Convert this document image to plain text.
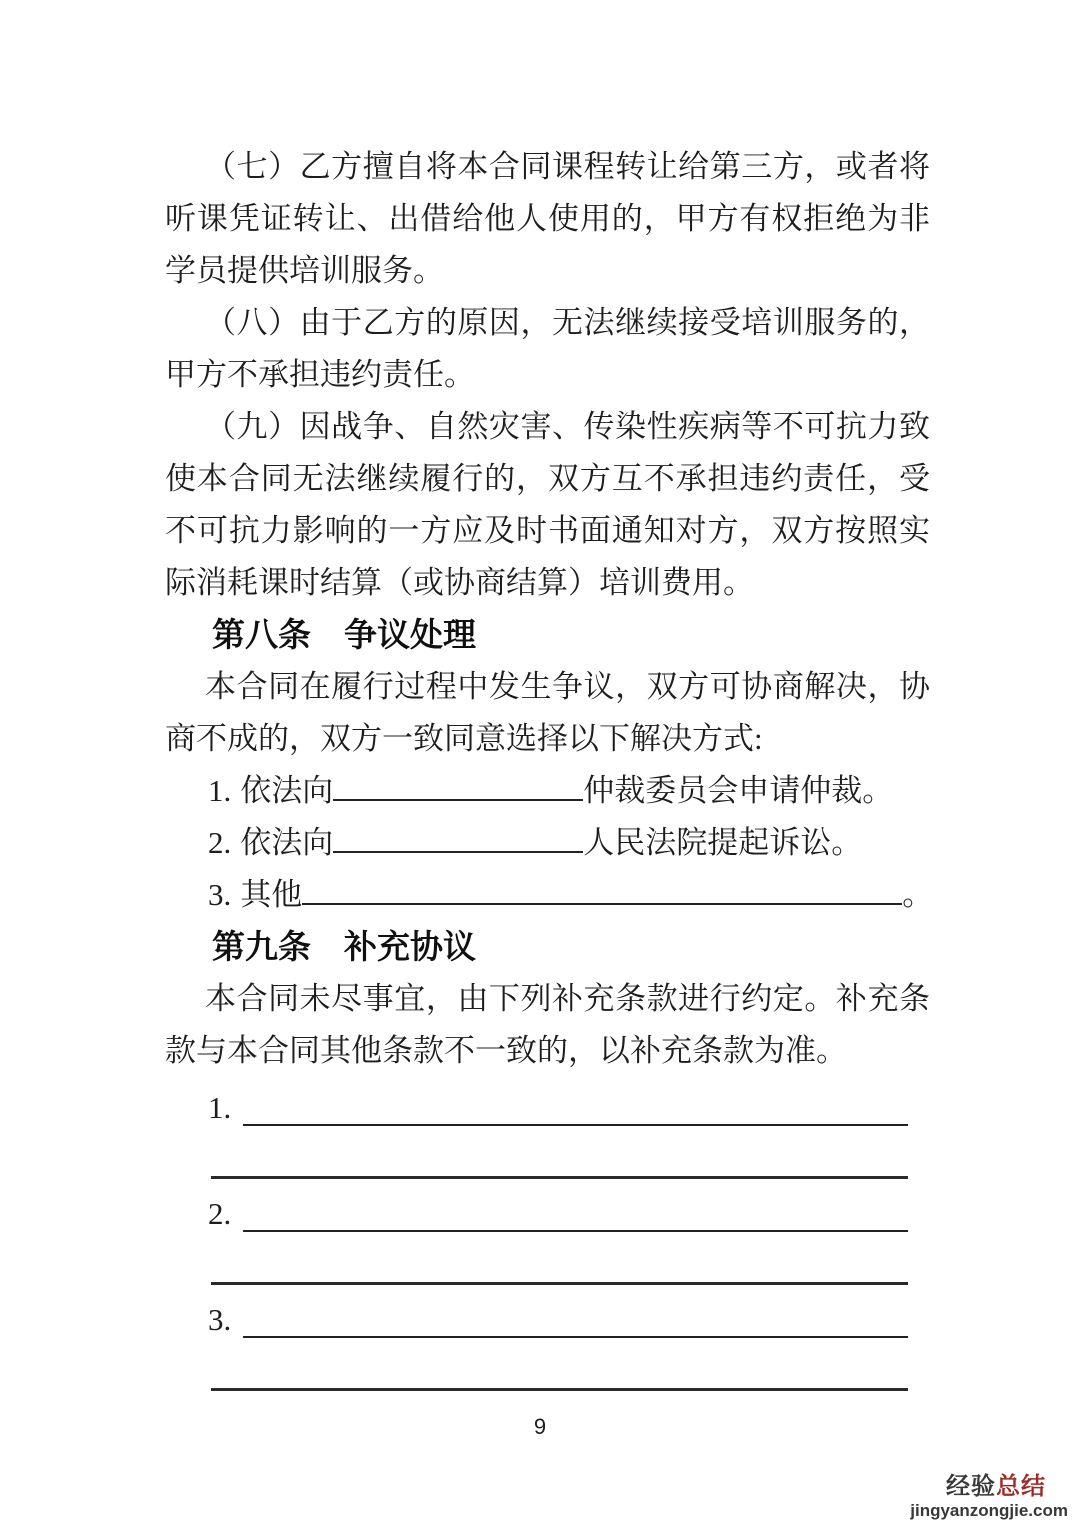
（七）乙方擅自将本合同课程转让给第三方，或者将听课凭证转让、出借给他人使用的，甲方有权拒绝为非学员提供培训服务。

（八）由于乙方的原因，无法继续接受培训服务的，甲方不承担违约责任。

（九）因战争、自然灾害、传染性疾病等不可抗力致使本合同无法继续履行的，双方互不承担违约责任，受不可抗力影响的一方应及时书面通知对方，双方按照实际消耗课时结算（或协商结算）培训费用。

第八条　争议处理

本合同在履行过程中发生争议，双方可协商解决，协商不成的，双方一致同意选择以下解决方式:

1. 依法向	仲裁委员会申请仲裁。
2. 依法向	人民法院提起诉讼。
3. 其他	。
第九条　补充协议

本合同未尽事宜，由下列补充条款进行约定。补充条款与本合同其他条款不一致的，以补充条款为准。

1.
2.
3.
9
经验总结
jingyanzongjie.com
